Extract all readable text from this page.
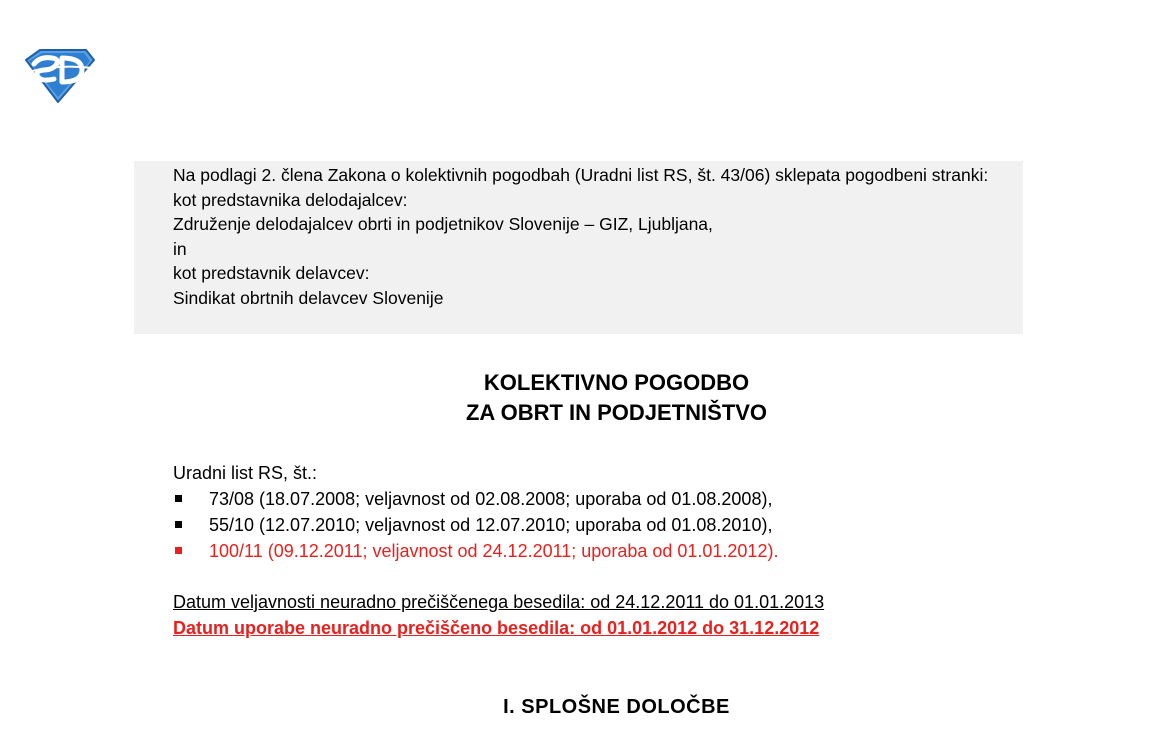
Na podlagi 2. člena Zakona o kolektivnih pogodbah (Uradni list RS, št. 43/06) sklepata pogodbeni stranki:

kot predstavnika delodajalcev:

Združenje delodajalcev obrti in podjetnikov Slovenije – GIZ, Ljubljana,

in

kot predstavnik delavcev:

Sindikat obrtnih delavcev Slovenije

KOLEKTIVNO POGODBO
ZA OBRT IN PODJETNIŠTVO
Uradni list RS, št.:
73/08 (18.07.2008; veljavnost od 02.08.2008; uporaba od 01.08.2008),
55/10 (12.07.2010; veljavnost od 12.07.2010; uporaba od 01.08.2010),
100/11 (09.12.2011; veljavnost od 24.12.2011; uporaba od 01.01.2012).
Datum veljavnosti neuradno prečiščenega besedila: od 24.12.2011 do 01.01.2013
Datum uporabe neuradno prečiščeno besedila: od 01.01.2012 do 31.12.2012
I. SPLOŠNE DOLOČBE
